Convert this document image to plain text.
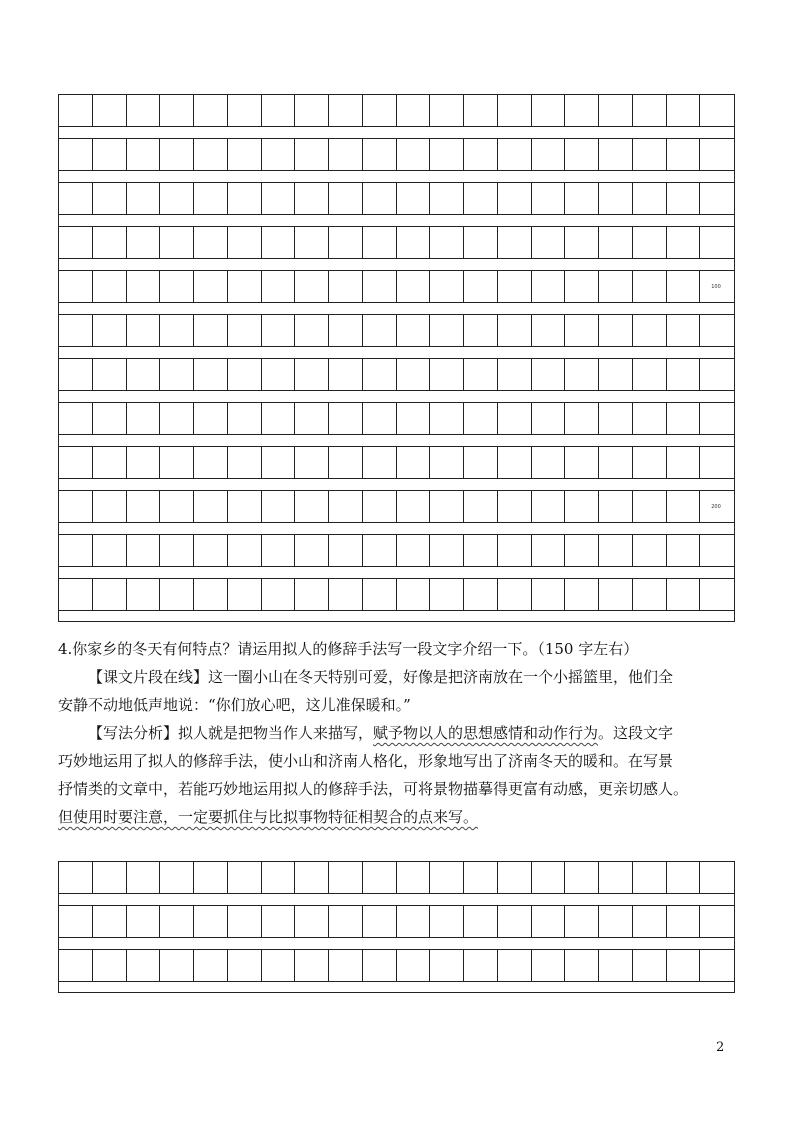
100
200
4.你家乡的冬天有何特点？请运用拟人的修辞手法写一段文字介绍一下。（150 字左右）
【课文片段在线】这一圈小山在冬天特别可爱，好像是把济南放在一个小摇篮里，他们全
安静不动地低声地说：“你们放心吧，这儿准保暖和。”
【写法分析】拟人就是把物当作人来描写，赋予物以人的思想感情和动作行为。这段文字
巧妙地运用了拟人的修辞手法，使小山和济南人格化，形象地写出了济南冬天的暖和。在写景
抒情类的文章中，若能巧妙地运用拟人的修辞手法，可将景物描摹得更富有动感，更亲切感人。
但使用时要注意，一定要抓住与比拟事物特征相契合的点来写。
2
